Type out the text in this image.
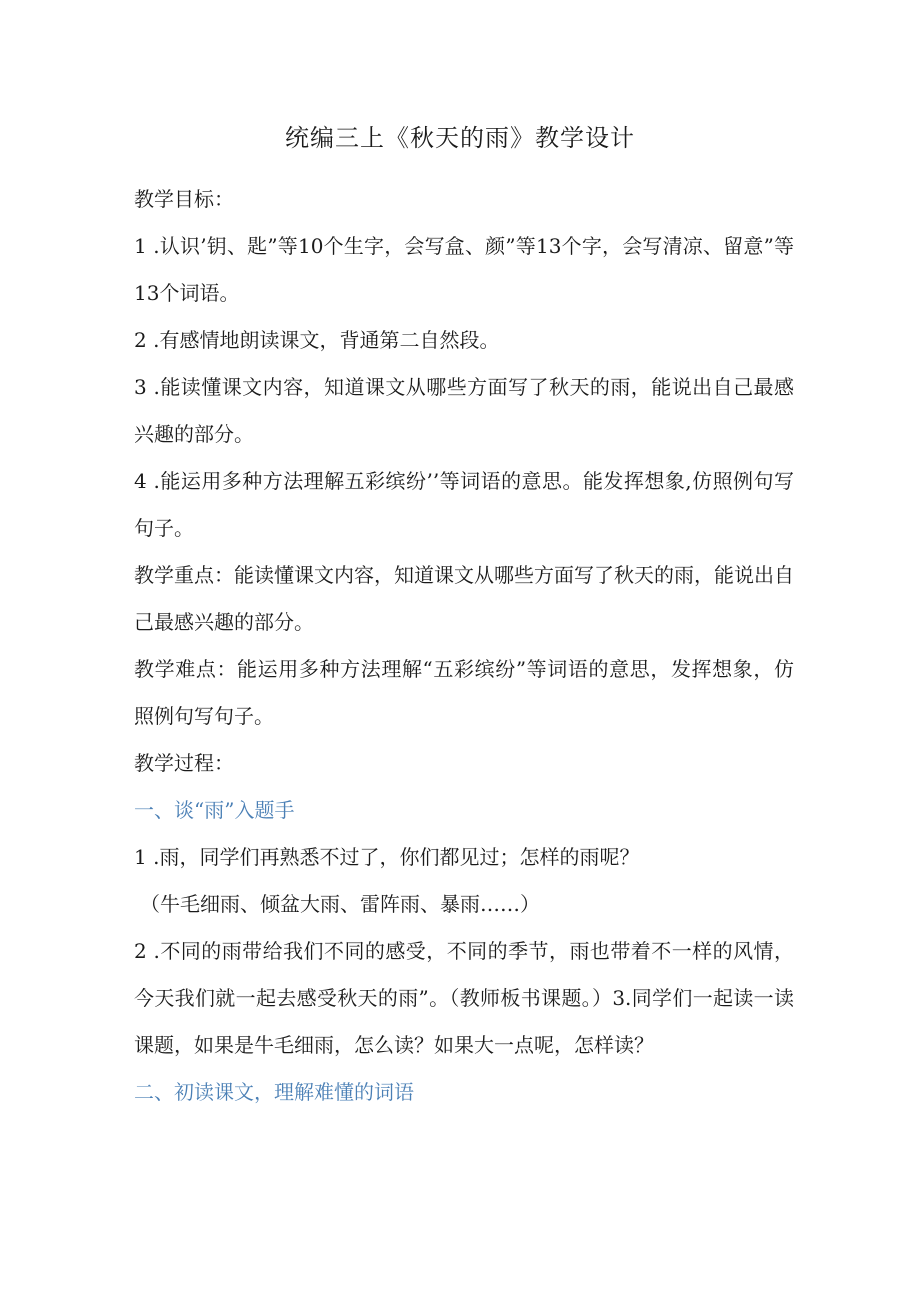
统编三上《秋天的雨》教学设计

教学目标：

1 .认识’钥、匙”等10个生字，会写盒、颜”等13个字，会写清凉、留意”等13个词语。

2 .有感情地朗读课文，背通第二自然段。

3 .能读懂课文内容，知道课文从哪些方面写了秋天的雨，能说出自己最感兴趣的部分。

4 .能运用多种方法理解五彩缤纷’’等词语的意思。能发挥想象,仿照例句写句子。

教学重点：能读懂课文内容，知道课文从哪些方面写了秋天的雨，能说出自己最感兴趣的部分。

教学难点：能运用多种方法理解“五彩缤纷”等词语的意思，发挥想象，仿照例句写句子。

教学过程：

一、谈“雨”入题手

1 .雨，同学们再熟悉不过了，你们都见过；怎样的雨呢？

（牛毛细雨、倾盆大雨、雷阵雨、暴雨……）

2 .不同的雨带给我们不同的感受，不同的季节，雨也带着不一样的风情，今天我们就一起去感受秋天的雨”。（教师板书课题。）3.同学们一起读一读课题，如果是牛毛细雨，怎么读？如果大一点呢，怎样读？

二、初读课文，理解难懂的词语
